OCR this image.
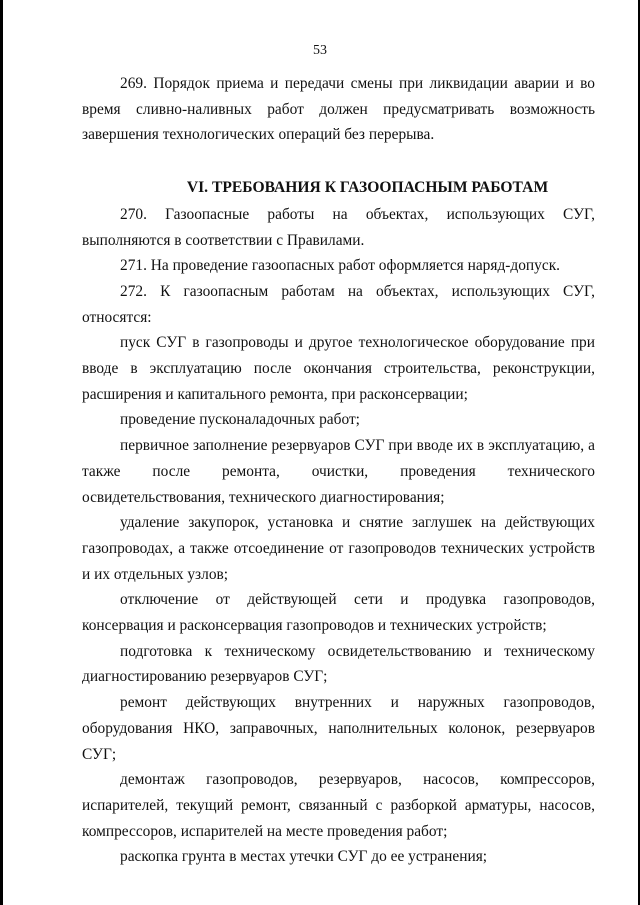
53

269. Порядок приема и передачи смены при ликвидации аварии и во время сливно-наливных работ должен предусматривать возможность завершения технологических операций без перерыва.

VI. ТРЕБОВАНИЯ К ГАЗООПАСНЫМ РАБОТАМ

270. Газоопасные работы на объектах, использующих СУГ, выполняются в соответствии с Правилами.

271. На проведение газоопасных работ оформляется наряд-допуск.

272. К газоопасным работам на объектах, использующих СУГ, относятся:

пуск СУГ в газопроводы и другое технологическое оборудование при вводе в эксплуатацию после окончания строительства, реконструкции, расширения и капитального ремонта, при расконсервации;

проведение пусконаладочных работ;

первичное заполнение резервуаров СУГ при вводе их в эксплуатацию, а также после ремонта, очистки, проведения технического освидетельствования, технического диагностирования;

удаление закупорок, установка и снятие заглушек на действующих газопроводах, а также отсоединение от газопроводов технических устройств и их отдельных узлов;

отключение от действующей сети и продувка газопроводов, консервация и расконсервация газопроводов и технических устройств;

подготовка к техническому освидетельствованию и техническому диагностированию резервуаров СУГ;

ремонт действующих внутренних и наружных газопроводов, оборудования НКО, заправочных, наполнительных колонок, резервуаров СУГ;

демонтаж газопроводов, резервуаров, насосов, компрессоров, испарителей, текущий ремонт, связанный с разборкой арматуры, насосов, компрессоров, испарителей на месте проведения работ;

раскопка грунта в местах утечки СУГ до ее устранения;
